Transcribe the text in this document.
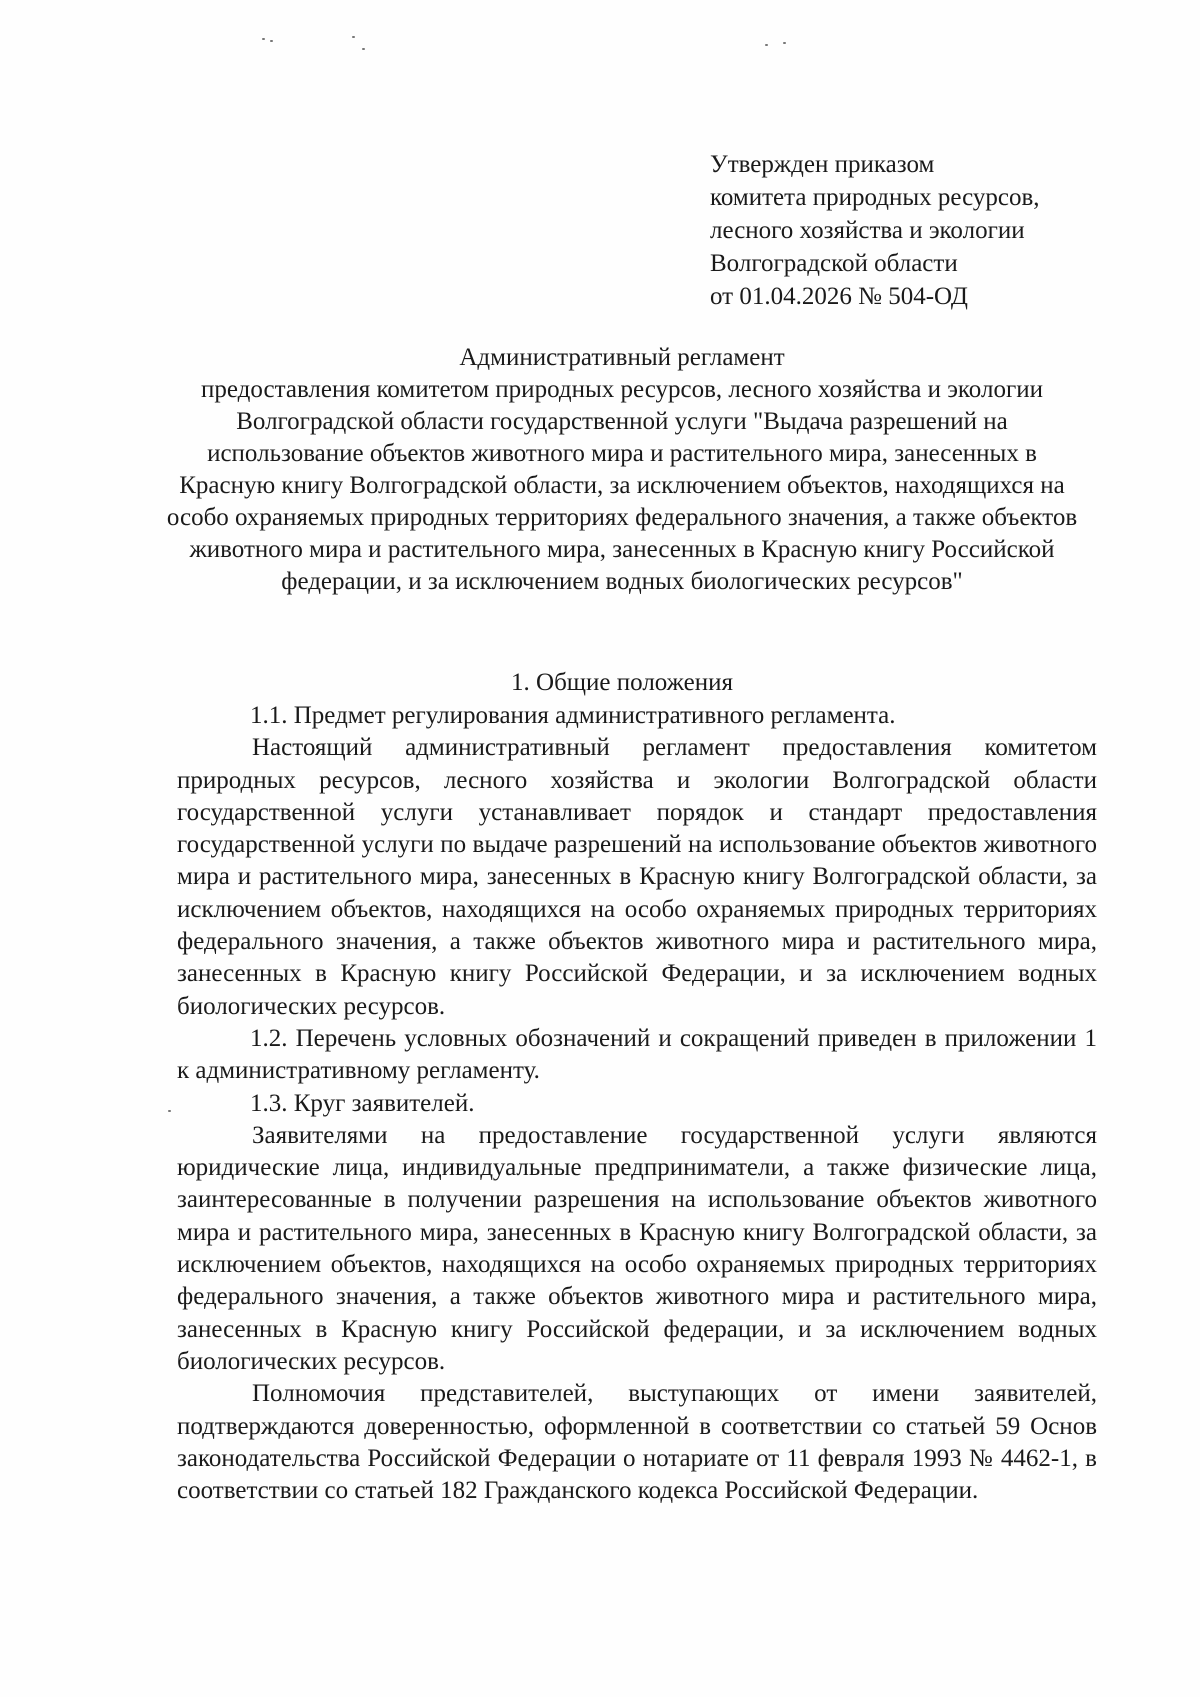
Утвержден приказом
комитета природных ресурсов,
лесного хозяйства и экологии
Волгоградской области
от 01.04.2026 № 504-ОД
Административный регламент
предоставления комитетом природных ресурсов, лесного хозяйства и экологии Волгоградской области государственной услуги "Выдача разрешений на использование объектов животного мира и растительного мира, занесенных в Красную книгу Волгоградской области, за исключением объектов, находящихся на особо охраняемых природных территориях федерального значения, а также объектов животного мира и растительного мира, занесенных в Красную книгу Российской федерации, и за исключением водных биологических ресурсов"
1. Общие положения

1.1. Предмет регулирования административного регламента.

Настоящий административный регламент предоставления комитетом природных ресурсов, лесного хозяйства и экологии Волгоградской области государственной услуги устанавливает порядок и стандарт предоставления государственной услуги по выдаче разрешений на использование объектов животного мира и растительного мира, занесенных в Красную книгу Волгоградской области, за исключением объектов, находящихся на особо охраняемых природных территориях федерального значения, а также объектов животного мира и растительного мира, занесенных в Красную книгу Российской Федерации, и за исключением водных биологических ресурсов.

1.2. Перечень условных обозначений и сокращений приведен в приложении 1 к административному регламенту.

1.3. Круг заявителей.

Заявителями на предоставление государственной услуги являются юридические лица, индивидуальные предприниматели, а также физические лица, заинтересованные в получении разрешения на использование объектов животного мира и растительного мира, занесенных в Красную книгу Волгоградской области, за исключением объектов, находящихся на особо охраняемых природных территориях федерального значения, а также объектов животного мира и растительного мира, занесенных в Красную книгу Российской федерации, и за исключением водных биологических ресурсов.

Полномочия представителей, выступающих от имени заявителей, подтверждаются доверенностью, оформленной в соответствии со статьей 59 Основ законодательства Российской Федерации о нотариате от 11 февраля 1993 № 4462-1, в соответствии со статьей 182 Гражданского кодекса Российской Федерации.
